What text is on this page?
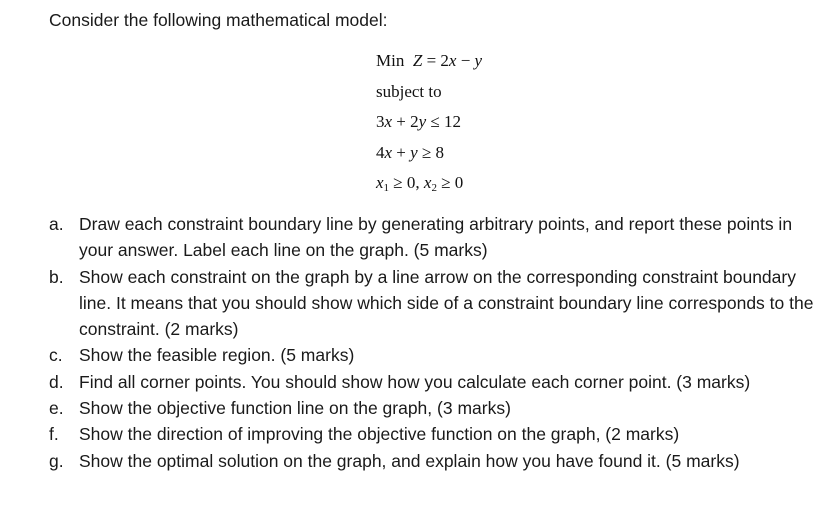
Consider the following mathematical model:
Min Z = 2x − y
subject to
3x + 2y ≤ 12
4x + y ≥ 8
$x_1 \ge 0$, $x_2 \ge 0$
a. Draw each constraint boundary line by generating arbitrary points, and report these points in your answer. Label each line on the graph. (5 marks)
b. Show each constraint on the graph by a line arrow on the corresponding constraint boundary line. It means that you should show which side of a constraint boundary line corresponds to the constraint. (2 marks)
c. Show the feasible region. (5 marks)
d. Find all corner points. You should show how you calculate each corner point. (3 marks)
e. Show the objective function line on the graph, (3 marks)
f.	Show the direction of improving the objective function on the graph, (2 marks)
g. Show the optimal solution on the graph, and explain how you have found it. (5 marks)
